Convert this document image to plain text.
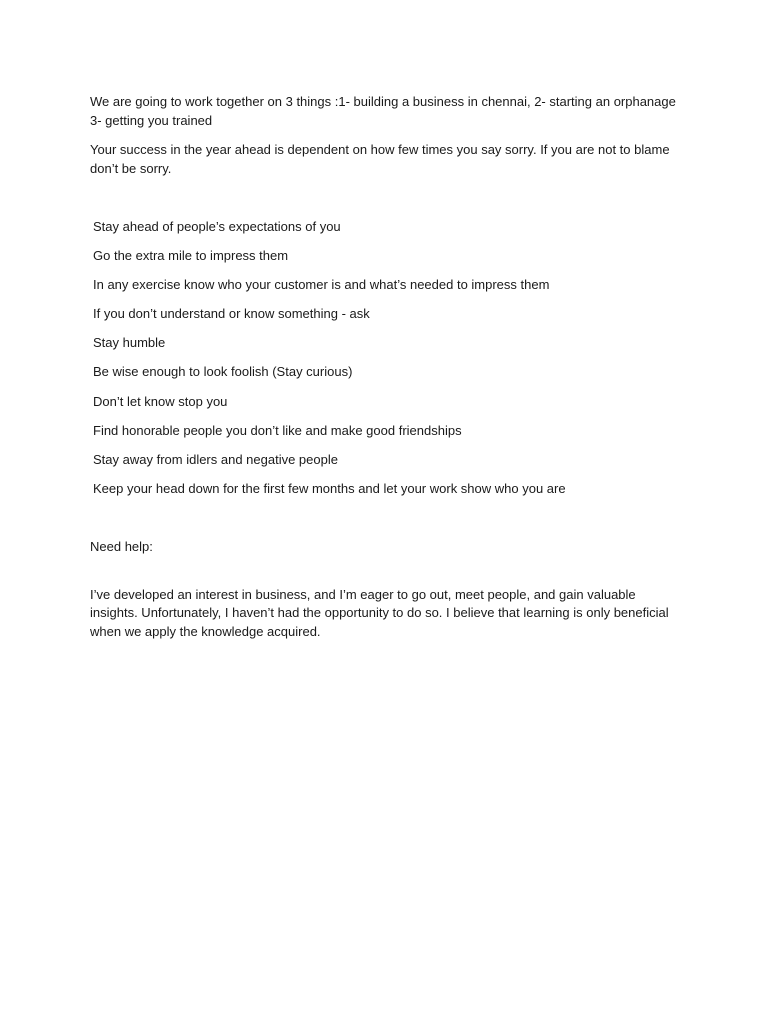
We are going to work together on 3 things :1- building a business in chennai, 2- starting an orphanage 3- getting you trained

Your success in the year ahead is dependent on how few times you say sorry. If you are not to blame don’t be sorry.

Stay ahead of people’s expectations of you
Go the extra mile to impress them
In any exercise know who your customer is and what’s needed to impress them
If you don’t understand or know something - ask
Stay humble
Be wise enough to look foolish (Stay curious)
Don’t let know stop you
Find honorable people you don’t like and make good friendships
Stay away from idlers and negative people
Keep your head down for the first few months and let your work show who you are
Need help:

I’ve developed an interest in business, and I’m eager to go out, meet people, and gain valuable insights. Unfortunately, I haven’t had the opportunity to do so. I believe that learning is only beneficial when we apply the knowledge acquired.
